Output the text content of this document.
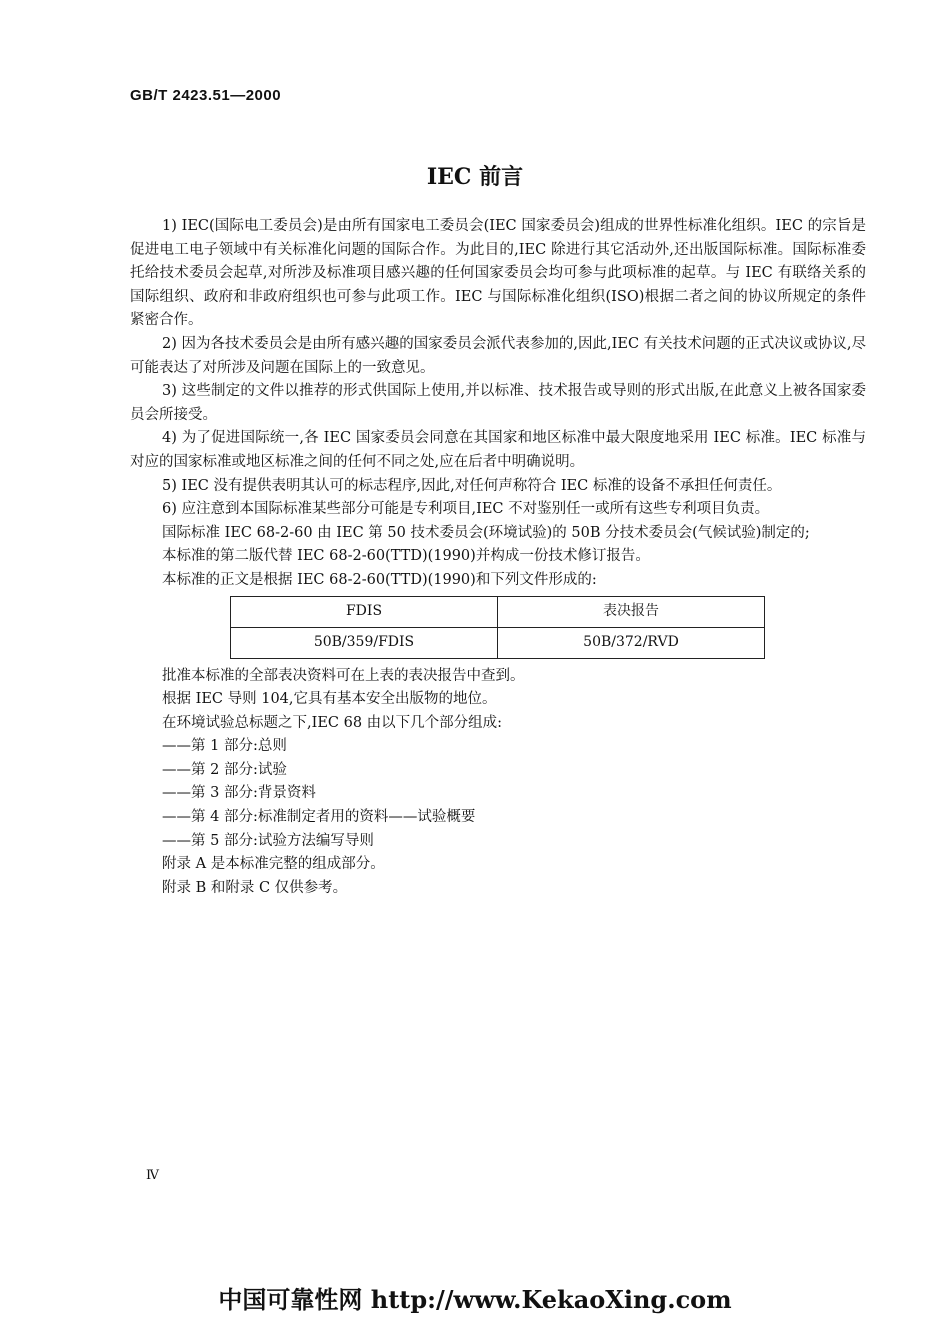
GB/T 2423.51—2000
IEC 前言

1) IEC(国际电工委员会)是由所有国家电工委员会(IEC 国家委员会)组成的世界性标准化组织。IEC 的宗旨是促进电工电子领域中有关标准化问题的国际合作。为此目的,IEC 除进行其它活动外,还出版国际标准。国际标准委托给技术委员会起草,对所涉及标准项目感兴趣的任何国家委员会均可参与此项标准的起草。与 IEC 有联络关系的国际组织、政府和非政府组织也可参与此项工作。IEC 与国际标准化组织(ISO)根据二者之间的协议所规定的条件紧密合作。

2) 因为各技术委员会是由所有感兴趣的国家委员会派代表参加的,因此,IEC 有关技术问题的正式决议或协议,尽可能表达了对所涉及问题在国际上的一致意见。

3) 这些制定的文件以推荐的形式供国际上使用,并以标准、技术报告或导则的形式出版,在此意义上被各国家委员会所接受。

4) 为了促进国际统一,各 IEC 国家委员会同意在其国家和地区标准中最大限度地采用 IEC 标准。IEC 标准与对应的国家标准或地区标准之间的任何不同之处,应在后者中明确说明。

5) IEC 没有提供表明其认可的标志程序,因此,对任何声称符合 IEC 标准的设备不承担任何责任。

6) 应注意到本国际标准某些部分可能是专利项目,IEC 不对鉴别任一或所有这些专利项目负责。

国际标准 IEC 68-2-60 由 IEC 第 50 技术委员会(环境试验)的 50B 分技术委员会(气候试验)制定的;

本标准的第二版代替 IEC 68-2-60(TTD)(1990)并构成一份技术修订报告。

本标准的正文是根据 IEC 68-2-60(TTD)(1990)和下列文件形成的:

FDIS	表决报告
50B/359/FDIS	50B/372/RVD

批准本标准的全部表决资料可在上表的表决报告中查到。

根据 IEC 导则 104,它具有基本安全出版物的地位。

在环境试验总标题之下,IEC 68 由以下几个部分组成:

——第 1 部分:总则

——第 2 部分:试验

——第 3 部分:背景资料

——第 4 部分:标准制定者用的资料——试验概要

——第 5 部分:试验方法编写导则

附录 A 是本标准完整的组成部分。

附录 B 和附录 C 仅供参考。

Ⅳ
中国可靠性网 http://www.KekaoXing.com
